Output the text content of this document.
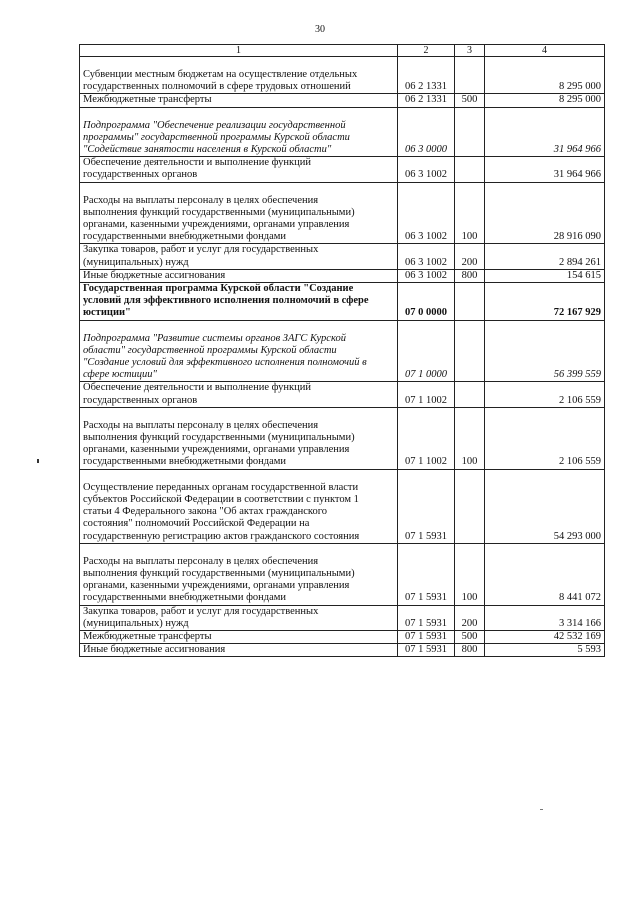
30
1	2	3	4

Субвенции местным бюджетам на осуществление отдельных
государственных полномочий в сфере трудовых отношений	06 2 1331		8 295 000

Межбюджетные трансферты	06 2 1331	500	8 295 000

Подпрограмма "Обеспечение реализации государственной
программы" государственной программы Курской области
"Содействие занятости населения в Курской области"	06 3 0000		31 964 966

Обеспечение деятельности и выполнение функций
государственных органов	06 3 1002		31 964 966

Расходы на выплаты персоналу в целях обеспечения
выполнения функций государственными (муниципальными)
органами, казенными учреждениями, органами управления
государственными внебюджетными фондами	06 3 1002	100	28 916 090

Закупка товаров, работ и услуг для государственных
(муниципальных) нужд	06 3 1002	200	2 894 261

Иные бюджетные ассигнования	06 3 1002	800	154 615

Государственная программа Курской области "Создание
условий для эффективного исполнения полномочий в сфере
юстиции"	07 0 0000		72 167 929

Подпрограмма "Развитие системы органов ЗАГС Курской
области" государственной программы Курской области
"Создание условий для эффективного исполнения полномочий в
сфере юстиции"	07 1 0000		56 399 559

Обеспечение деятельности и выполнение функций
государственных органов	07 1 1002		2 106 559

Расходы на выплаты персоналу в целях обеспечения
выполнения функций государственными (муниципальными)
органами, казенными учреждениями, органами управления
государственными внебюджетными фондами	07 1 1002	100	2 106 559

Осуществление переданных органам государственной власти
субъектов Российской Федерации в соответствии с пунктом 1
статьи 4 Федерального закона "Об актах гражданского
состояния" полномочий Российской Федерации на
государственную регистрацию актов гражданского состояния	07 1 5931		54 293 000

Расходы на выплаты персоналу в целях обеспечения
выполнения функций государственными (муниципальными)
органами, казенными учреждениями, органами управления
государственными внебюджетными фондами	07 1 5931	100	8 441 072

Закупка товаров, работ и услуг для государственных
(муниципальных) нужд	07 1 5931	200	3 314 166

Межбюджетные трансферты	07 1 5931	500	42 532 169

Иные бюджетные ассигнования	07 1 5931	800	5 593
